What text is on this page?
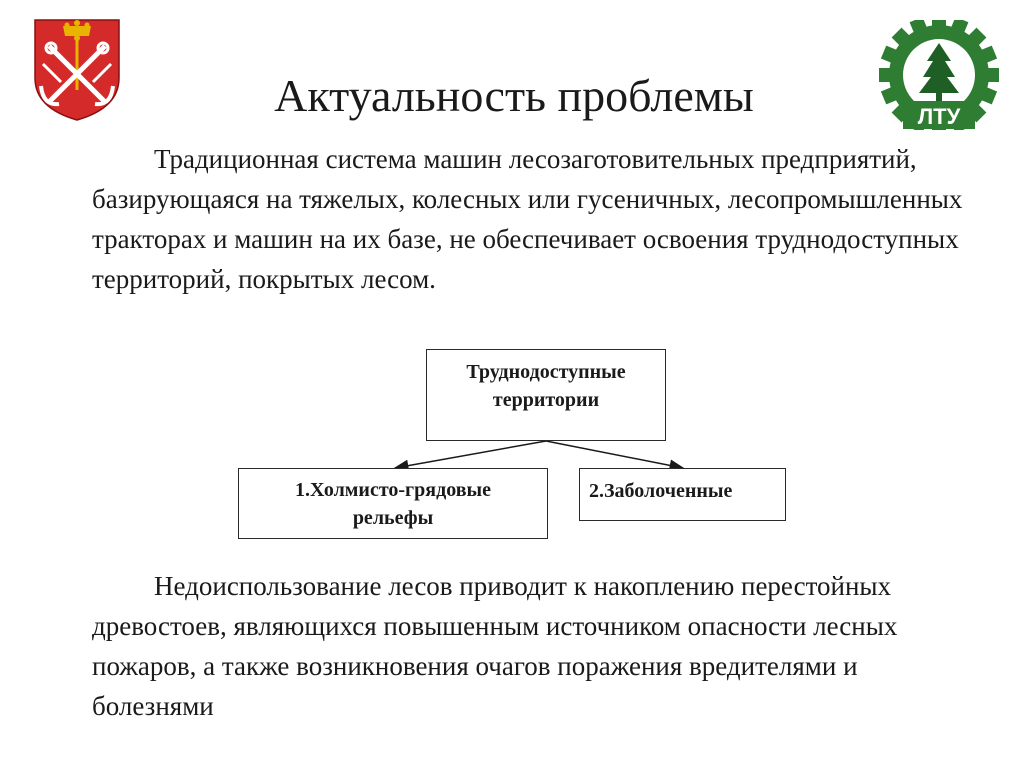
ЛТУ
Актуальность проблемы
Традиционная система машин лесозаготовительных предприятий, базирующаяся на тяжелых, колесных или гусеничных, лесопромышленных тракторах и машин на их базе, не обеспечивает освоения труднодоступных территорий, покрытых лесом.
Труднодоступные
территории
1.Холмисто-грядовые
рельефы
2.Заболоченные
Недоиспользование лесов приводит к накоплению перестойных древостоев, являющихся повышенным источником опасности лесных пожаров, а также возникновения очагов поражения вредителями и болезнями
